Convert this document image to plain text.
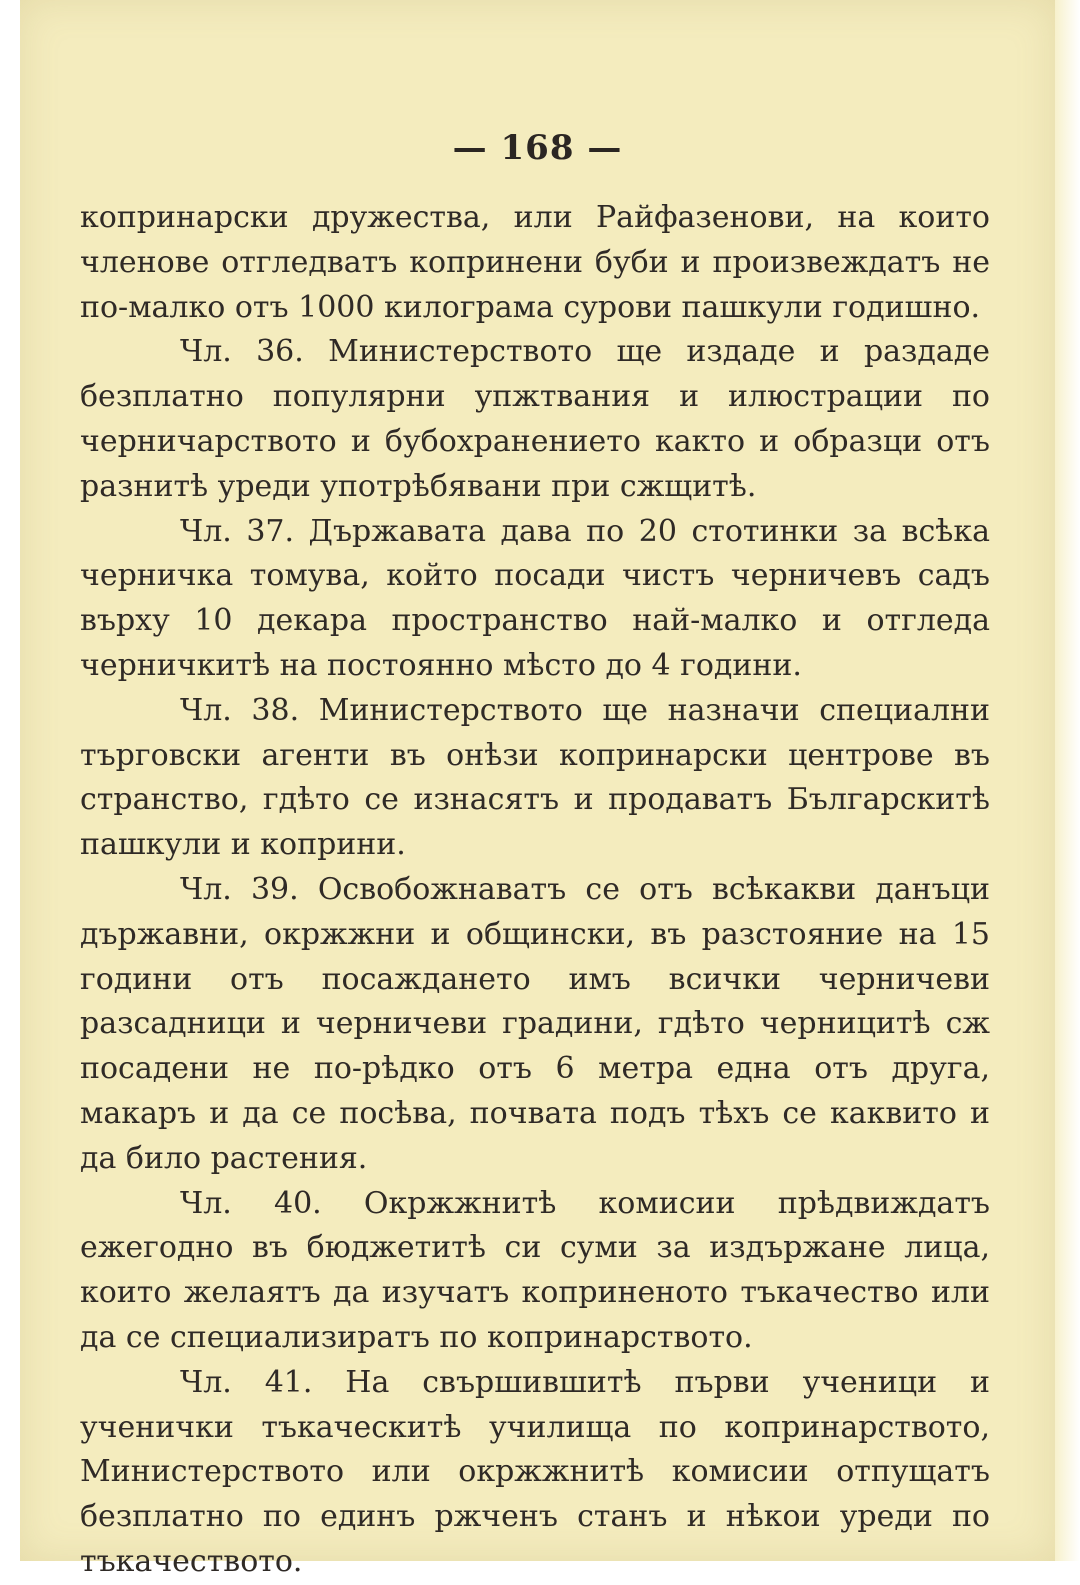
— 168 —

копринарски дружества, или Райфазенови, на които членове отгледватъ копринени буби и произвеждатъ не по-малко отъ 1000 килограма сурови пашкули годишно.

Чл. 36. Министерството ще издаде и раздаде безплатно популярни упжтвания и илюстрации по черничарството и бубохранението както и образци отъ разнитѣ уреди употрѣбявани при сжщитѣ.

Чл. 37. Държавата дава по 20 стотинки за всѣка черничка томува, който посади чистъ черничевъ садъ върху 10 декара пространство най-малко и отгледа черничкитѣ на постоянно мѣсто до 4 години.

Чл. 38. Министерството ще назначи специални търговски агенти въ онѣзи копринарски центрове въ странство, гдѣто се изнасятъ и продаватъ Българскитѣ пашкули и коприни.

Чл. 39. Освобожнаватъ се отъ всѣкакви данъци държавни, окржжни и общински, въ разстояние на 15 години отъ посаждането имъ всички черничеви разсадници и черничеви градини, гдѣто черницитѣ сж посадени не по-рѣдко отъ 6 метра една отъ друга, макаръ и да се посѣва, почвата подъ тѣхъ се каквито и да било растения.

Чл. 40. Окржжнитѣ комисии прѣдвиждатъ ежегодно въ бюджетитѣ си суми за издържане лица, които желаятъ да изучатъ коприненото тъкачество или да се специализиратъ по копринарството.

Чл. 41. На свършившитѣ първи ученици и ученички тъкаческитѣ училища по копринарството, Министерството или окржжнитѣ комисии отпущатъ безплатно по единъ ржченъ станъ и нѣкои уреди по тъкачеството.
